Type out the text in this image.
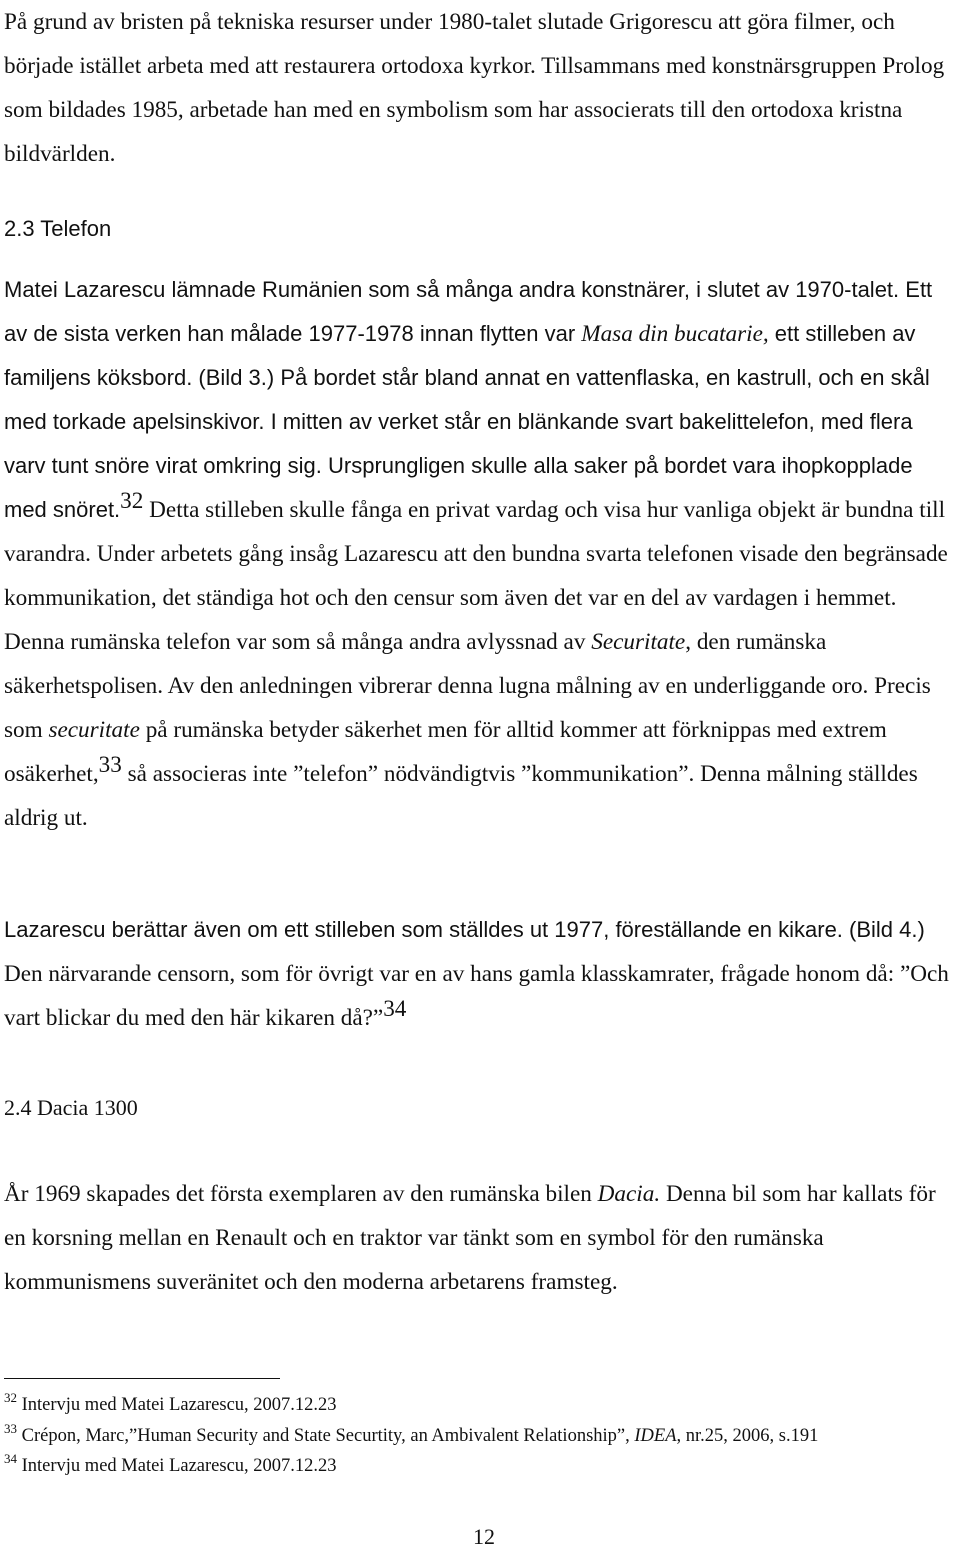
På grund av bristen på tekniska resurser under 1980-talet slutade Grigorescu att göra filmer, och började istället arbeta med att restaurera ortodoxa kyrkor. Tillsammans med konstnärsgruppen Prolog som bildades 1985, arbetade han med en symbolism som har associerats till den ortodoxa kristna bildvärlden.

2.3 Telefon

Matei Lazarescu lämnade Rumänien som så många andra konstnärer, i slutet av 1970-talet. Ett av de sista verken han målade 1977-1978 innan flytten var Masa din bucatarie, ett stilleben av familjens köksbord. (Bild 3.) På bordet står bland annat en vattenflaska, en kastrull, och en skål med torkade apelsinskivor. I mitten av verket står en blänkande svart bakelittelefon, med flera varv tunt snöre virat omkring sig. Ursprungligen skulle alla saker på bordet vara ihopkopplade med snöret.$^{32}$ Detta stilleben skulle fånga en privat vardag och visa hur vanliga objekt är bundna till varandra. Under arbetets gång insåg Lazarescu att den bundna svarta telefonen visade den begränsade kommunikation, det ständiga hot och den censur som även det var en del av vardagen i hemmet. Denna rumänska telefon var som så många andra avlyssnad av Securitate, den rumänska säkerhetspolisen. Av den anledningen vibrerar denna lugna målning av en underliggande oro. Precis som securitate på rumänska betyder säkerhet men för alltid kommer att förknippas med extrem osäkerhet,$^{33}$ så associeras inte ”telefon” nödvändigtvis ”kommunikation”. Denna målning ställdes aldrig ut.

Lazarescu berättar även om ett stilleben som ställdes ut 1977, föreställande en kikare. (Bild 4.) Den närvarande censorn, som för övrigt var en av hans gamla klasskamrater, frågade honom då: ”Och vart blickar du med den här kikaren då?”$^{34}$

2.4 Dacia 1300

År 1969 skapades det första exemplaren av den rumänska bilen Dacia. Denna bil som har kallats för en korsning mellan en Renault och en traktor var tänkt som en symbol för den rumänska kommunismens suveränitet och den moderna arbetarens framsteg.

$^{32}$ Intervju med Matei Lazarescu, 2007.12.23
$^{33}$ Crépon, Marc,”Human Security and State Securtity, an Ambivalent Relationship”, IDEA, nr.25, 2006, s.191
$^{34}$ Intervju med Matei Lazarescu, 2007.12.23
12
